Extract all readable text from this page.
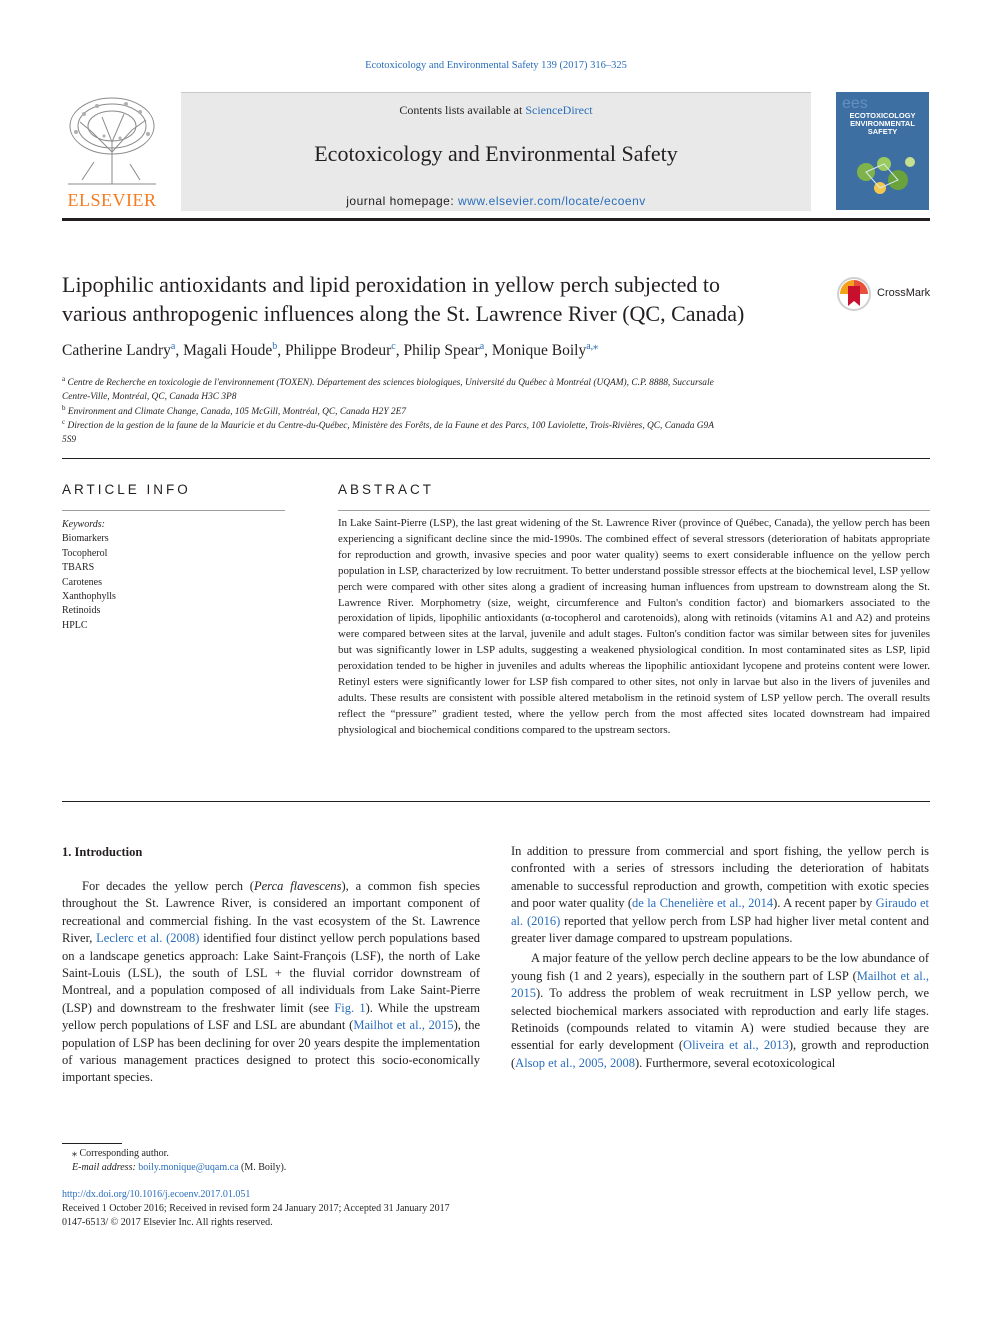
Ecotoxicology and Environmental Safety 139 (2017) 316–325
ELSEVIER
Contents lists available at ScienceDirect
Ecotoxicology and Environmental Safety
journal homepage: www.elsevier.com/locate/ecoenv
ees
ECOTOXICOLOGY
ENVIRONMENTAL
SAFETY
Lipophilic antioxidants and lipid peroxidation in yellow perch subjected to
various anthropogenic influences along the St. Lawrence River (QC, Canada)
CrossMark
Catherine Landry$^a$, Magali Houde$^b$, Philippe Brodeur$^c$, Philip Spear$^a$, Monique Boily$^{a,⁎}$
$^a$ Centre de Recherche en toxicologie de l'environnement (TOXEN). Département des sciences biologiques, Université du Québec à Montréal (UQAM), C.P. 8888, Succursale
Centre-Ville, Montréal, QC, Canada H3C 3P8
$^b$ Environment and Climate Change, Canada, 105 McGill, Montréal, QC, Canada H2Y 2E7
$^c$ Direction de la gestion de la faune de la Mauricie et du Centre-du-Québec, Ministère des Forêts, de la Faune et des Parcs, 100 Laviolette, Trois-Rivières, QC, Canada G9A
5S9
ARTICLE INFO
Keywords:
Biomarkers
Tocopherol
TBARS
Carotenes
Xanthophylls
Retinoids
HPLC
ABSTRACT
In Lake Saint-Pierre (LSP), the last great widening of the St. Lawrence River (province of Québec, Canada), the yellow perch has been experiencing a significant decline since the mid-1990s. The combined effect of several stressors (deterioration of habitats appropriate for reproduction and growth, invasive species and poor water quality) seems to exert considerable influence on the yellow perch population in LSP, characterized by low recruitment. To better understand possible stressor effects at the biochemical level, LSP yellow perch were compared with other sites along a gradient of increasing human influences from upstream to downstream along the St. Lawrence River. Morphometry (size, weight, circumference and Fulton's condition factor) and biomarkers associated to the peroxidation of lipids, lipophilic antioxidants (α-tocopherol and carotenoids), along with retinoids (vitamins A1 and A2) and proteins were compared between sites at the larval, juvenile and adult stages. Fulton's condition factor was similar between sites for juveniles but was significantly lower in LSP adults, suggesting a weakened physiological condition. In most contaminated sites as LSP, lipid peroxidation tended to be higher in juveniles and adults whereas the lipophilic antioxidant lycopene and proteins content were lower. Retinyl esters were significantly lower for LSP fish compared to other sites, not only in larvae but also in the livers of juveniles and adults. These results are consistent with possible altered metabolism in the retinoid system of LSP yellow perch. The overall results reflect the “pressure” gradient tested, where the yellow perch from the most affected sites located downstream had impaired physiological and biochemical conditions compared to the upstream sectors.
1. Introduction

For decades the yellow perch (Perca flavescens), a common fish species throughout the St. Lawrence River, is considered an important component of recreational and commercial fishing. In the vast ecosystem of the St. Lawrence River, Leclerc et al. (2008) identified four distinct yellow perch populations based on a landscape genetics approach: Lake Saint-François (LSF), the north of Lake Saint-Louis (LSL), the south of LSL + the fluvial corridor downstream of Montreal, and a population composed of all individuals from Lake Saint-Pierre (LSP) and downstream to the freshwater limit (see Fig. 1). While the upstream yellow perch populations of LSF and LSL are abundant (Mailhot et al., 2015), the population of LSP has been declining for over 20 years despite the implementation of various management practices designed to protect this socio-economically important species.

In addition to pressure from commercial and sport fishing, the yellow perch is confronted with a series of stressors including the deterioration of habitats amenable to successful reproduction and growth, competition with exotic species and poor water quality (de la Chenelière et al., 2014). A recent paper by Giraudo et al. (2016) reported that yellow perch from LSP had higher liver metal content and greater liver damage compared to upstream populations.

A major feature of the yellow perch decline appears to be the low abundance of young fish (1 and 2 years), especially in the southern part of LSP (Mailhot et al., 2015). To address the problem of weak recruitment in LSP yellow perch, we selected biochemical markers associated with reproduction and early life stages. Retinoids (compounds related to vitamin A) were studied because they are essential for early development (Oliveira et al., 2013), growth and reproduction (Alsop et al., 2005, 2008). Furthermore, several ecotoxicological

⁎ Corresponding author.
E-mail address: boily.monique@uqam.ca (M. Boily).
http://dx.doi.org/10.1016/j.ecoenv.2017.01.051
Received 1 October 2016; Received in revised form 24 January 2017; Accepted 31 January 2017
0147-6513/ © 2017 Elsevier Inc. All rights reserved.
